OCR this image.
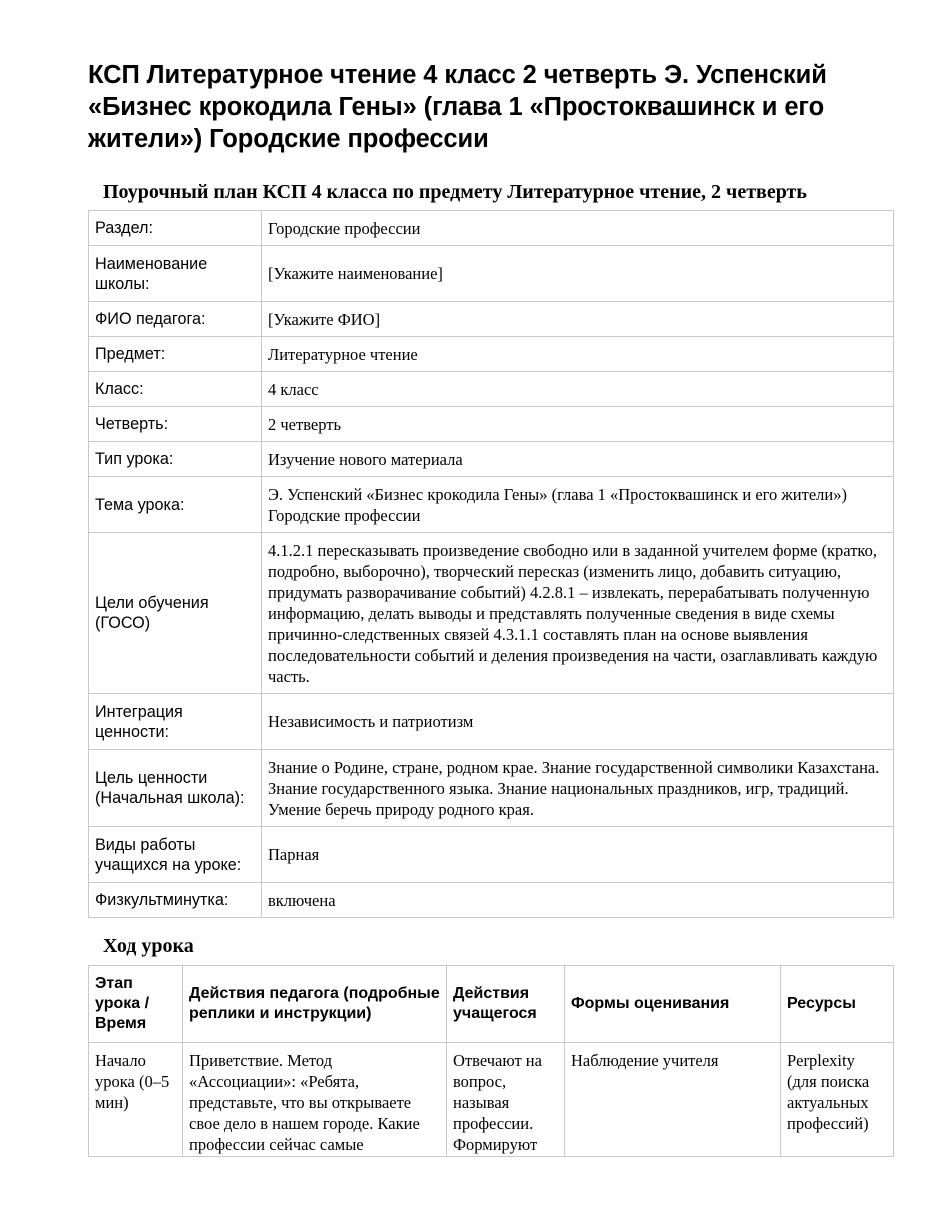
КСП Литературное чтение 4 класс 2 четверть Э. Успенский «Бизнес крокодила Гены» (глава 1 «Простоквашинск и его жители») Городские профессии
Поурочный план КСП 4 класса по предмету Литературное чтение, 2 четверть
Раздел:	Городские профессии
Наименование школы:	[Укажите наименование]
ФИО педагога:	[Укажите ФИО]
Предмет:	Литературное чтение
Класс:	4 класс
Четверть:	2 четверть
Тип урока:	Изучение нового материала
Тема урока:	Э. Успенский «Бизнес крокодила Гены» (глава 1 «Простоквашинск и его жители») Городские профессии
Цели обучения (ГОСО)	4.1.2.1 пересказывать произведение свободно или в заданной учителем форме (кратко, подробно, выборочно), творческий пересказ (изменить лицо, добавить ситуацию, придумать разворачивание событий) 4.2.8.1 – извлекать, перерабатывать полученную информацию, делать выводы и представлять полученные сведения в виде схемы причинно-следственных связей 4.3.1.1 составлять план на основе выявления последовательности событий и деления произведения на части, озаглавливать каждую часть.
Интеграция ценности:	Независимость и патриотизм
Цель ценности (Начальная школа):	Знание о Родине, стране, родном крае. Знание государственной символики Казахстана. Знание государственного языка. Знание национальных праздников, игр, традиций. Умение беречь природу родного края.
Виды работы учащихся на уроке:	Парная
Физкультминутка:	включена
Ход урока
Этап урока / Время	Действия педагога (подробные реплики и инструкции)	Действия учащегося	Формы оценивания	Ресурсы

Начало урока (0–5 мин)	Приветствие. Метод «Ассоциации»: «Ребята, представьте, что вы открываете свое дело в нашем городе. Какие профессии сейчас самые	Отвечают на вопрос, называя профессии. Формируют	Наблюдение учителя	Perplexity (для поиска актуальных профессий)
